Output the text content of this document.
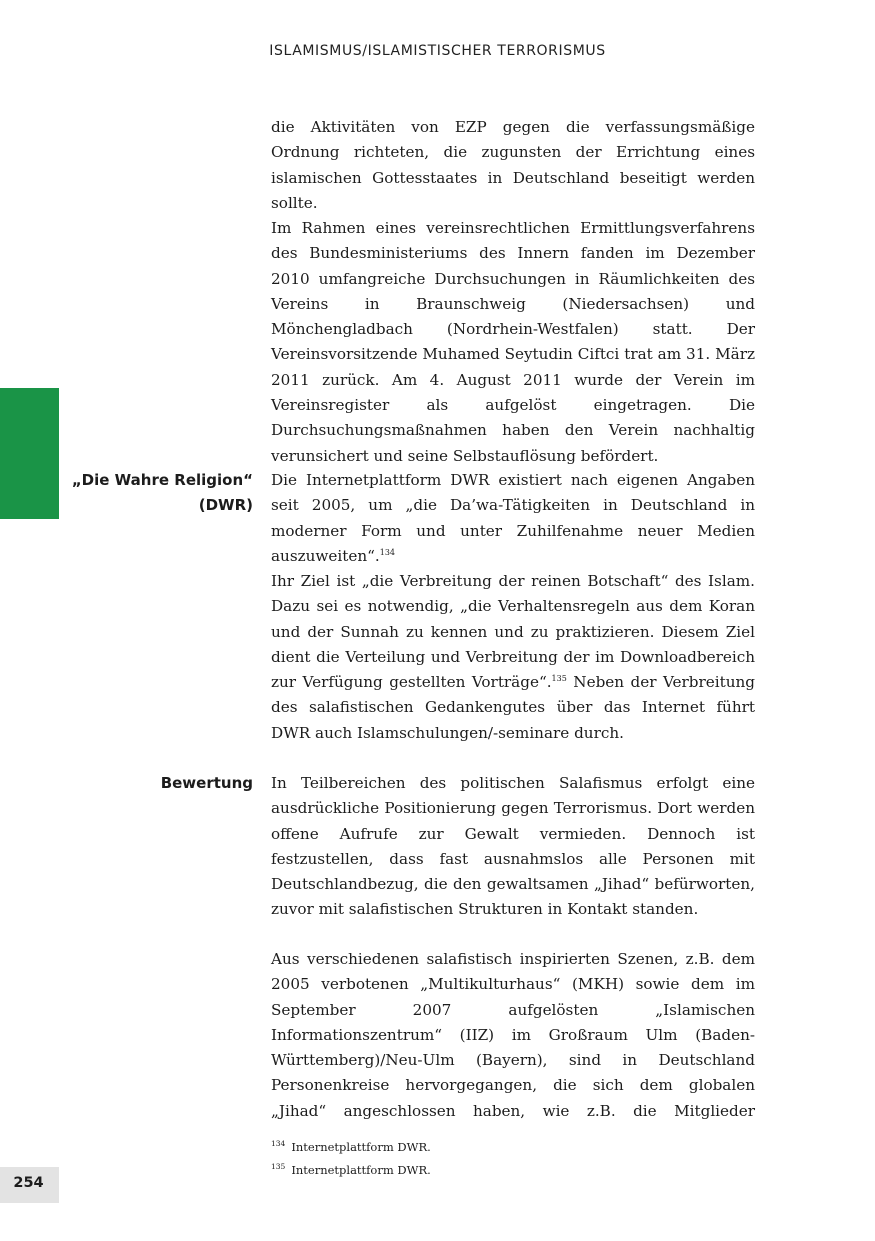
ISLAMISMUS/ISLAMISTISCHER TERRORISMUS

die Aktivitäten von EZP gegen die verfassungsmäßige Ordnung richteten, die zugunsten der Errichtung eines islamischen Gottesstaates in Deutschland beseitigt werden sollte.

Im Rahmen eines vereinsrechtlichen Ermittlungsverfahrens des Bundesministeriums des Innern fanden im Dezember 2010 umfangreiche Durchsuchungen in Räumlichkeiten des Vereins in Braunschweig (Niedersachsen) und Mönchengladbach (Nordrhein-Westfalen) statt. Der Vereinsvorsitzende Muhamed Seytudin Ciftci trat am 31. März 2011 zurück. Am 4. August 2011 wurde der Verein im Vereinsregister als aufgelöst eingetragen. Die Durchsuchungsmaßnahmen haben den Verein nachhaltig verunsichert und seine Selbstauflösung befördert.

„Die Wahre Religion“
(DWR)

Die Internetplattform DWR existiert nach eigenen Angaben seit 2005, um „die Da’wa-Tätigkeiten in Deutschland in moderner Form und unter Zuhilfenahme neuer Medien auszuweiten“.$^{134}$

Ihr Ziel ist „die Verbreitung der reinen Botschaft“ des Islam. Dazu sei es notwendig, „die Verhaltensregeln aus dem Koran und der Sunnah zu kennen und zu praktizieren. Diesem Ziel dient die Verteilung und Verbreitung der im Downloadbereich zur Verfügung gestellten Vorträge“.$^{135}$ Neben der Verbreitung des salafistischen Gedankengutes über das Internet führt DWR auch Islamschulungen/-seminare durch.

Bewertung In Teilbereichen des politischen Salafismus erfolgt eine ausdrückliche Positionierung gegen Terrorismus. Dort werden offene Aufrufe zur Gewalt vermieden. Dennoch ist festzustellen, dass fast ausnahmslos alle Personen mit Deutschlandbezug, die den gewaltsamen „Jihad“ befürworten, zuvor mit salafistischen Strukturen in Kontakt standen.

Aus verschiedenen salafistisch inspirierten Szenen, z.B. dem 2005 verbotenen „Multikulturhaus“ (MKH) sowie dem im September 2007 aufgelösten „Islamischen Informationszentrum“ (IIZ) im Großraum Ulm (Baden-Württemberg)/Neu-Ulm (Bayern), sind in Deutschland Personenkreise hervorgegangen, die sich dem globalen „Jihad“ angeschlossen haben, wie z.B. die Mitglieder

$^{134}$ Internetplattform DWR.
$^{135}$ Internetplattform DWR.
254
